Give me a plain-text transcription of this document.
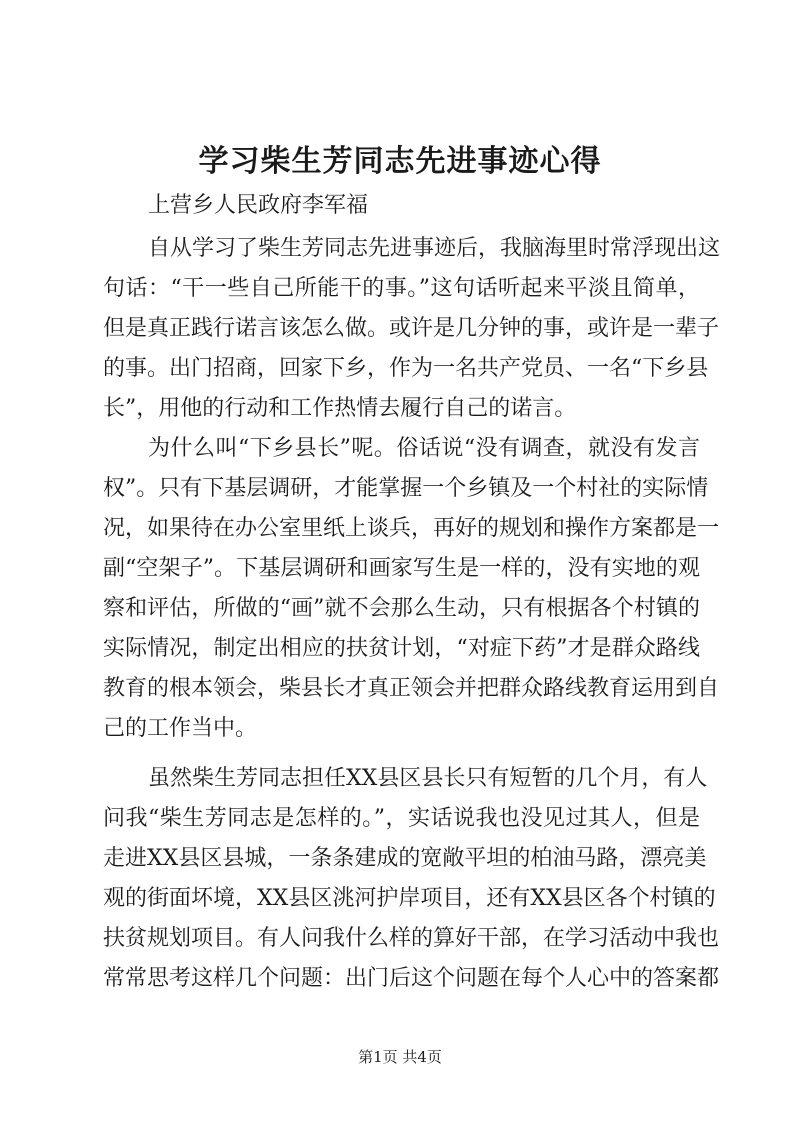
学习柴生芳同志先进事迹心得

上营乡人民政府李军福

自从学习了柴生芳同志先进事迹后，我脑海里时常浮现出这

句话：“干一些自己所能干的事。”这句话听起来平淡且简单，

但是真正践行诺言该怎么做。或许是几分钟的事，或许是一辈子

的事。出门招商，回家下乡，作为一名共产党员、一名“下乡县

长”，用他的行动和工作热情去履行自己的诺言。

为什么叫“下乡县长”呢。俗话说“没有调查，就没有发言

权”。只有下基层调研，才能掌握一个乡镇及一个村社的实际情

况，如果待在办公室里纸上谈兵，再好的规划和操作方案都是一

副“空架子”。下基层调研和画家写生是一样的，没有实地的观

察和评估，所做的“画”就不会那么生动，只有根据各个村镇的

实际情况，制定出相应的扶贫计划，“对症下药”才是群众路线

教育的根本领会，柴县长才真正领会并把群众路线教育运用到自

己的工作当中。

虽然柴生芳同志担任XX县区县长只有短暂的几个月，有人

问我“柴生芳同志是怎样的。”，实话说我也没见过其人，但是

走进XX县区县城，一条条建成的宽敞平坦的柏油马路，漂亮美

观的街面坏境，XX县区洮河护岸项目，还有XX县区各个村镇的

扶贫规划项目。有人问我什么样的算好干部，在学习活动中我也

常常思考这样几个问题：出门后这个问题在每个人心中的答案都

第1页 共4页
